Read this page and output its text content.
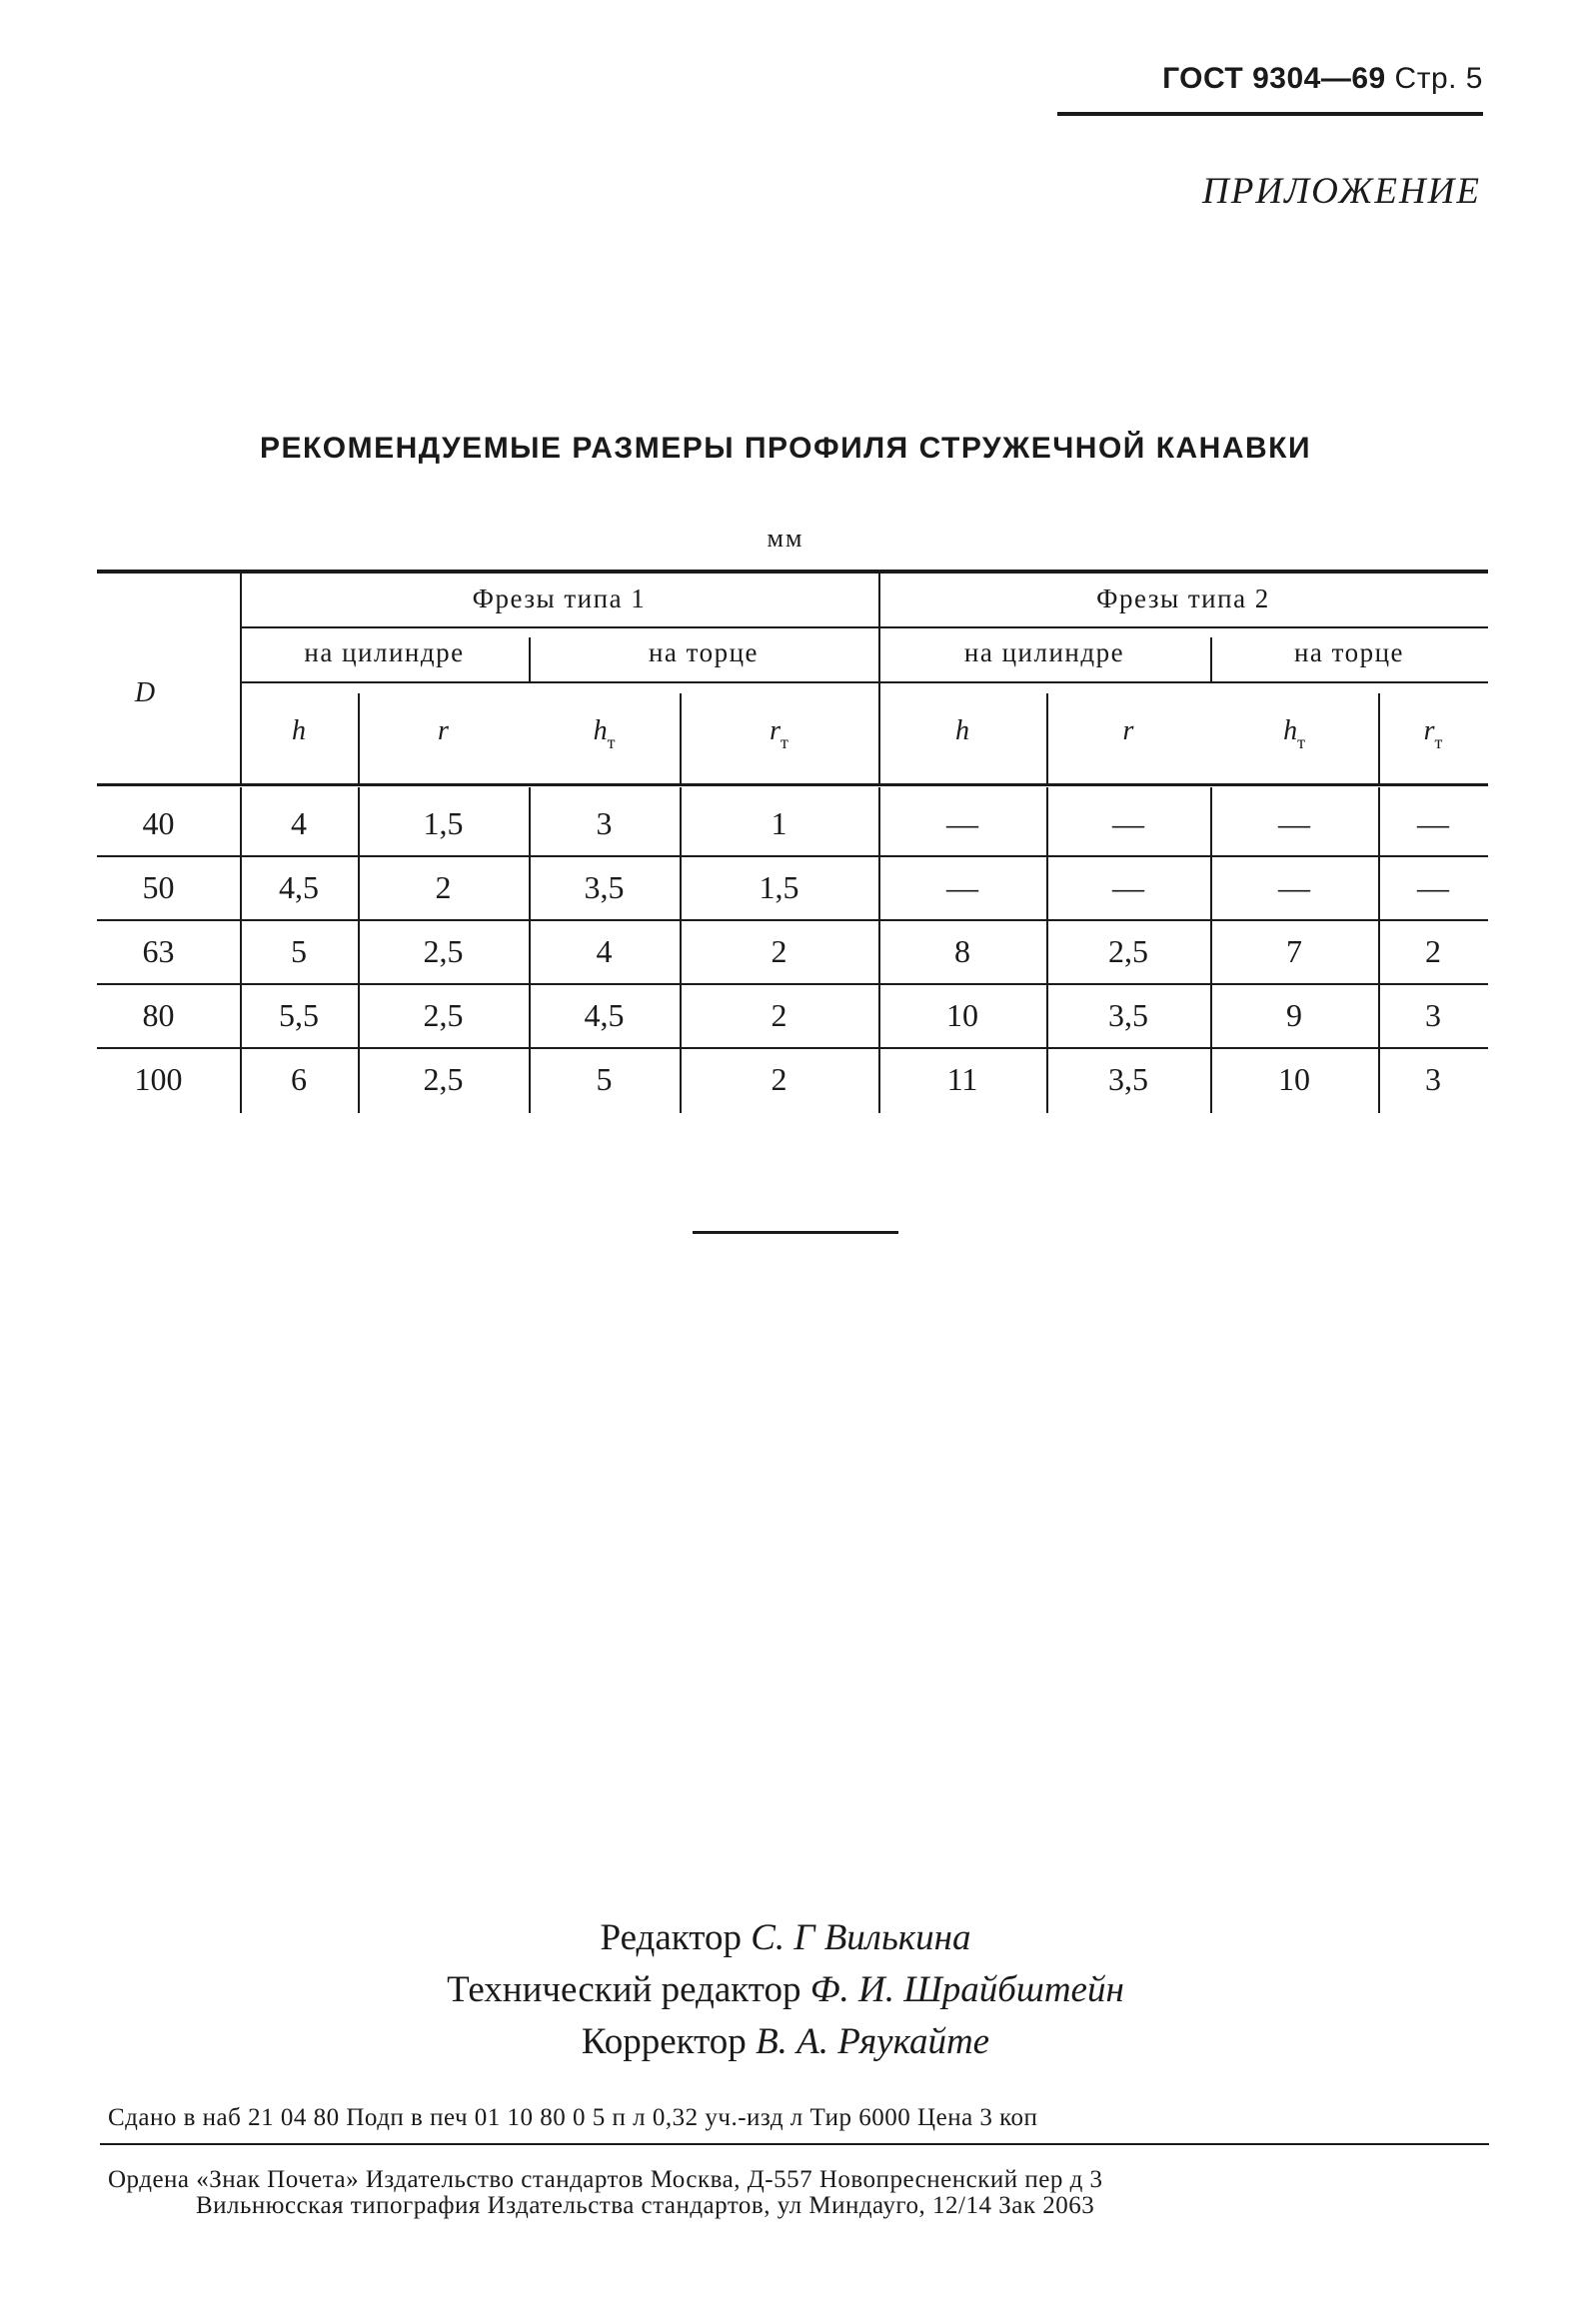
ГОСТ 9304—69 Стр. 5
ПРИЛОЖЕНИЕ
РЕКОМЕНДУЕМЫЕ РАЗМЕРЫ ПРОФИЛЯ СТРУЖЕЧНОЙ КАНАВКИ
мм
D
Фрезы типа 1	Фрезы типа 2
на цилиндре	на торце	на цилиндре	на торце
h	r	$h_т$	$r_т$	h	r	$h_т$	$r_т$
40	4	1,5	3	1	—	—	—	—
50	4,5	2	3,5	1,5	—	—	—	—
63	5	2,5	4	2	8	2,5	7	2
80	5,5	2,5	4,5	2	10	3,5	9	3
100	6	2,5	5	2	11	3,5	10	3
Редактор С. Г Вилькина
Технический редактор Ф. И. Шрайбштейн
Корректор В. А. Ряукайте
Сдано в наб 21 04 80 Подп в печ 01 10 80 0 5 п л 0,32 уч.-изд л Тир 6000 Цена 3 коп
Ордена «Знак Почета» Издательство стандартов Москва, Д-557 Новопресненский пер д 3
Вильнюсская типография Издательства стандартов, ул Миндауго, 12/14 Зак 2063
